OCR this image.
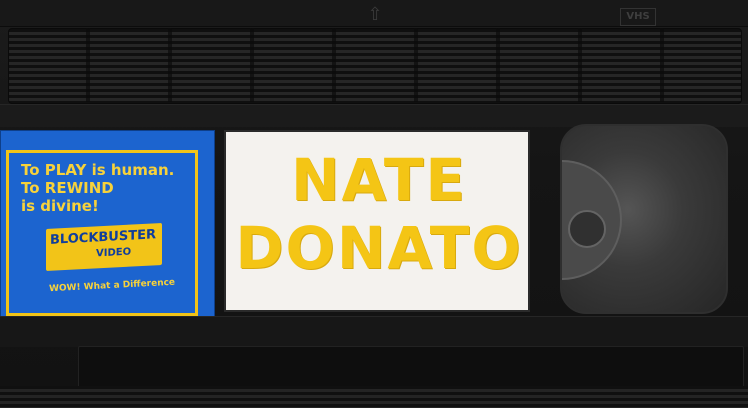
⇧	VHS
To PLAY is human.
To REWIND
is divine!
BLOCKBUSTER
VIDEO
WOW! What a Difference
NATE
DONATO
